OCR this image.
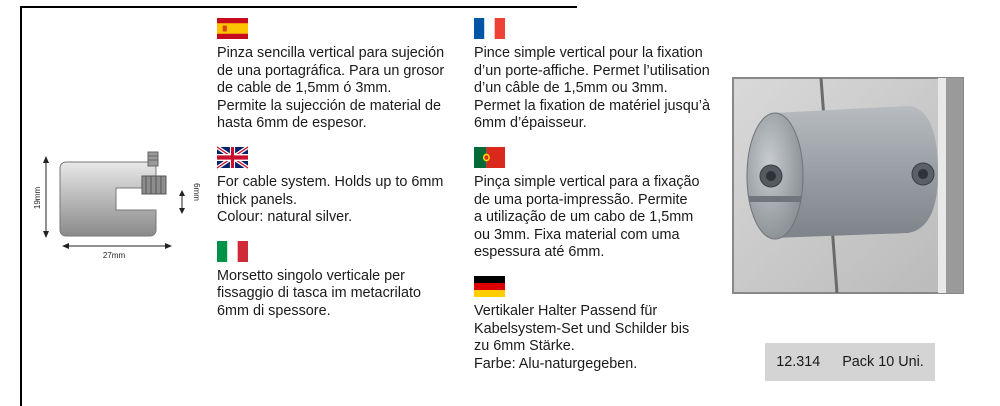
19mm
27mm
6mm

Pinza sencilla vertical para sujeción

de una portagráfica. Para un grosor

de cable de 1,5mm ó 3mm.

Permite la sujección de material de

hasta 6mm de espesor.

For cable system. Holds up to 6mm

thick panels.

Colour: natural silver.

Morsetto singolo verticale per

fissaggio di tasca im metacrilato

6mm di spessore.

Pince simple vertical pour la fixation

d’un porte-affiche. Permet l’utilisation

d’un câble de 1,5mm ou 3mm.

Permet la fixation de matériel jusqu’à

6mm d’épaisseur.

Pinça simple vertical para a fixação

de uma porta-impressão. Permite

a utilização de um cabo de 1,5mm

ou 3mm. Fixa material com uma

espessura até 6mm.

Vertikaler Halter Passend für

Kabelsystem-Set und Schilder bis

zu 6mm Stärke.

Farbe: Alu-naturgegeben.	12.314 Pack 10 Uni.
